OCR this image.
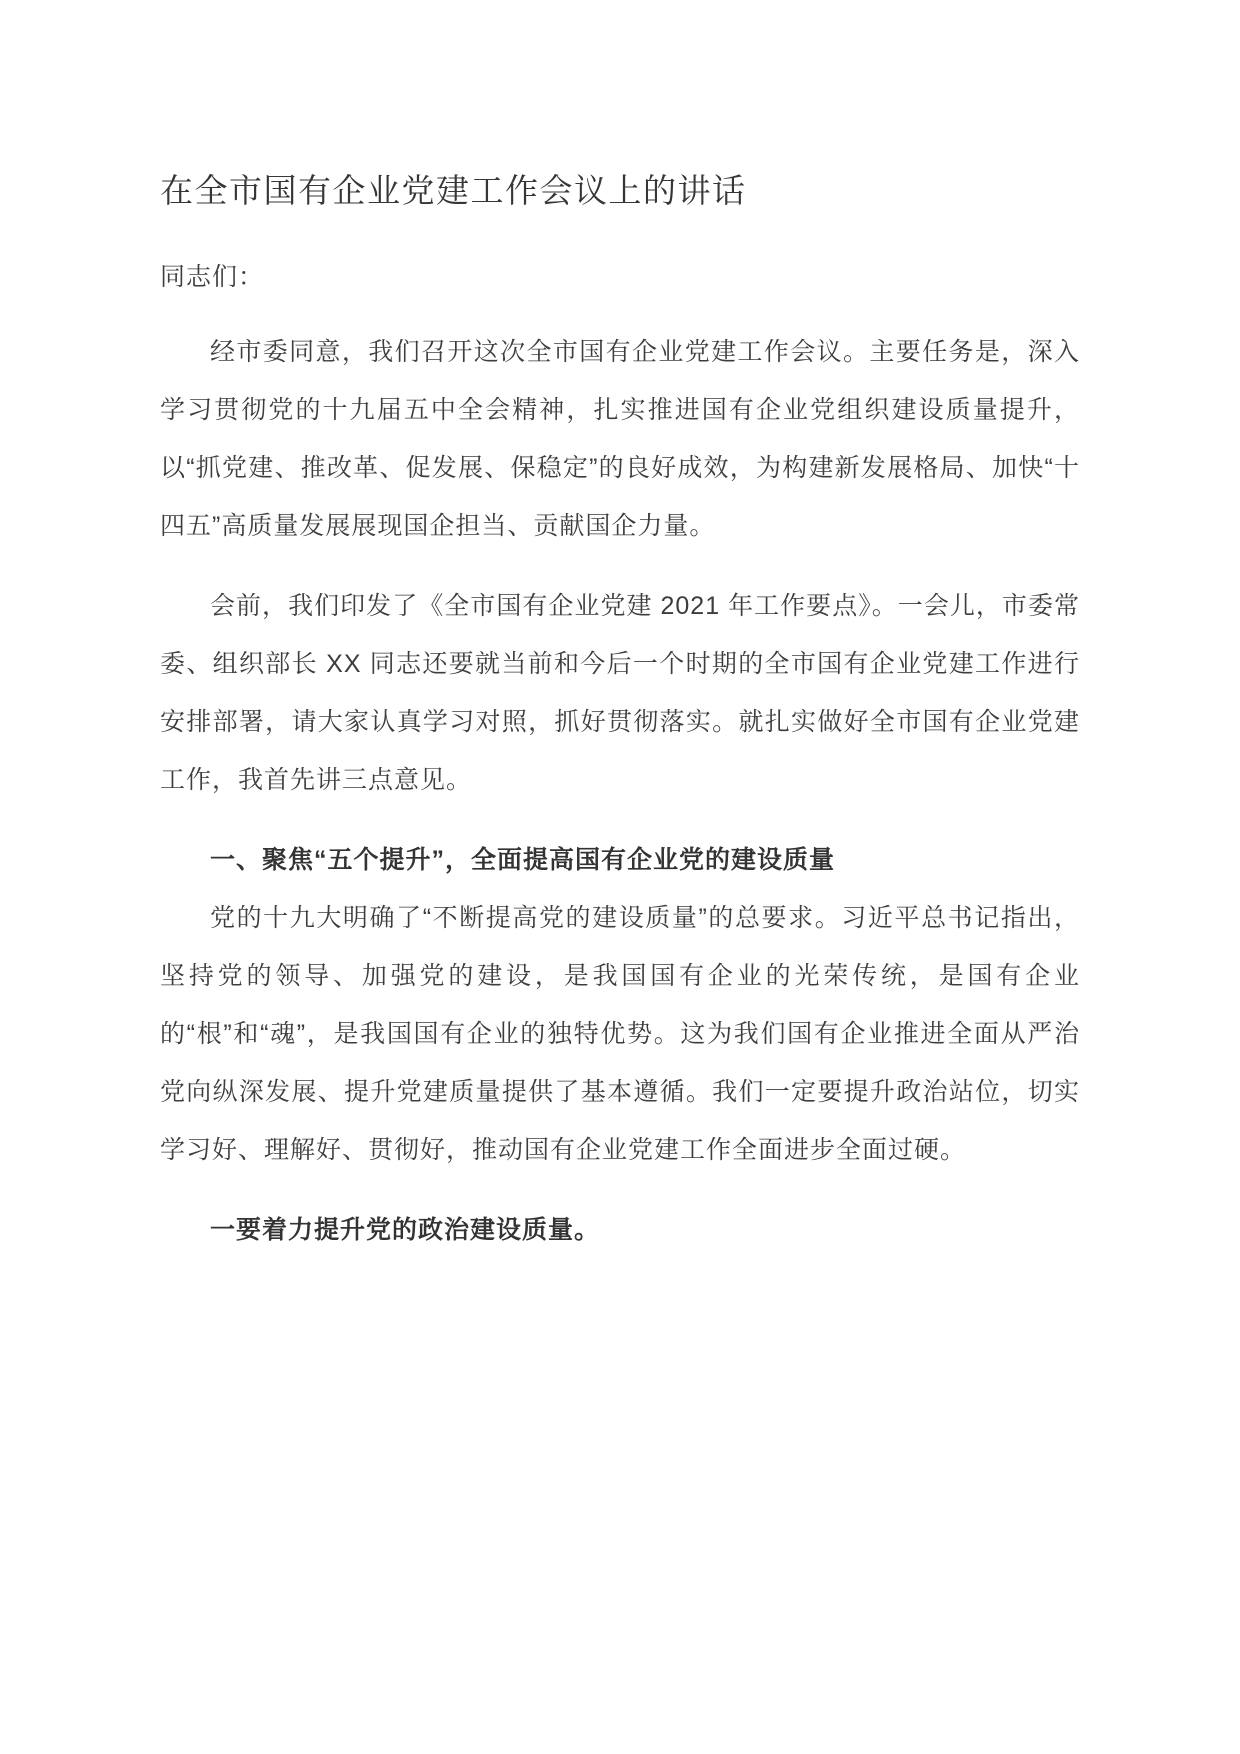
在全市国有企业党建工作会议上的讲话

同志们：

经市委同意，我们召开这次全市国有企业党建工作会议。主要任务是，深入学习贯彻党的十九届五中全会精神，扎实推进国有企业党组织建设质量提升，以“抓党建、推改革、促发展、保稳定”的良好成效，为构建新发展格局、加快“十四五”高质量发展展现国企担当、贡献国企力量。

会前，我们印发了《全市国有企业党建 2021 年工作要点》。一会儿，市委常委、组织部长 XX 同志还要就当前和今后一个时期的全市国有企业党建工作进行安排部署，请大家认真学习对照，抓好贯彻落实。就扎实做好全市国有企业党建工作，我首先讲三点意见。

一、聚焦“五个提升”，全面提高国有企业党的建设质量

党的十九大明确了“不断提高党的建设质量”的总要求。习近平总书记指出，坚持党的领导、加强党的建设，是我国国有企业的光荣传统，是国有企业的“根”和“魂”，是我国国有企业的独特优势。这为我们国有企业推进全面从严治党向纵深发展、提升党建质量提供了基本遵循。我们一定要提升政治站位，切实学习好、理解好、贯彻好，推动国有企业党建工作全面进步全面过硬。

一要着力提升党的政治建设质量。
